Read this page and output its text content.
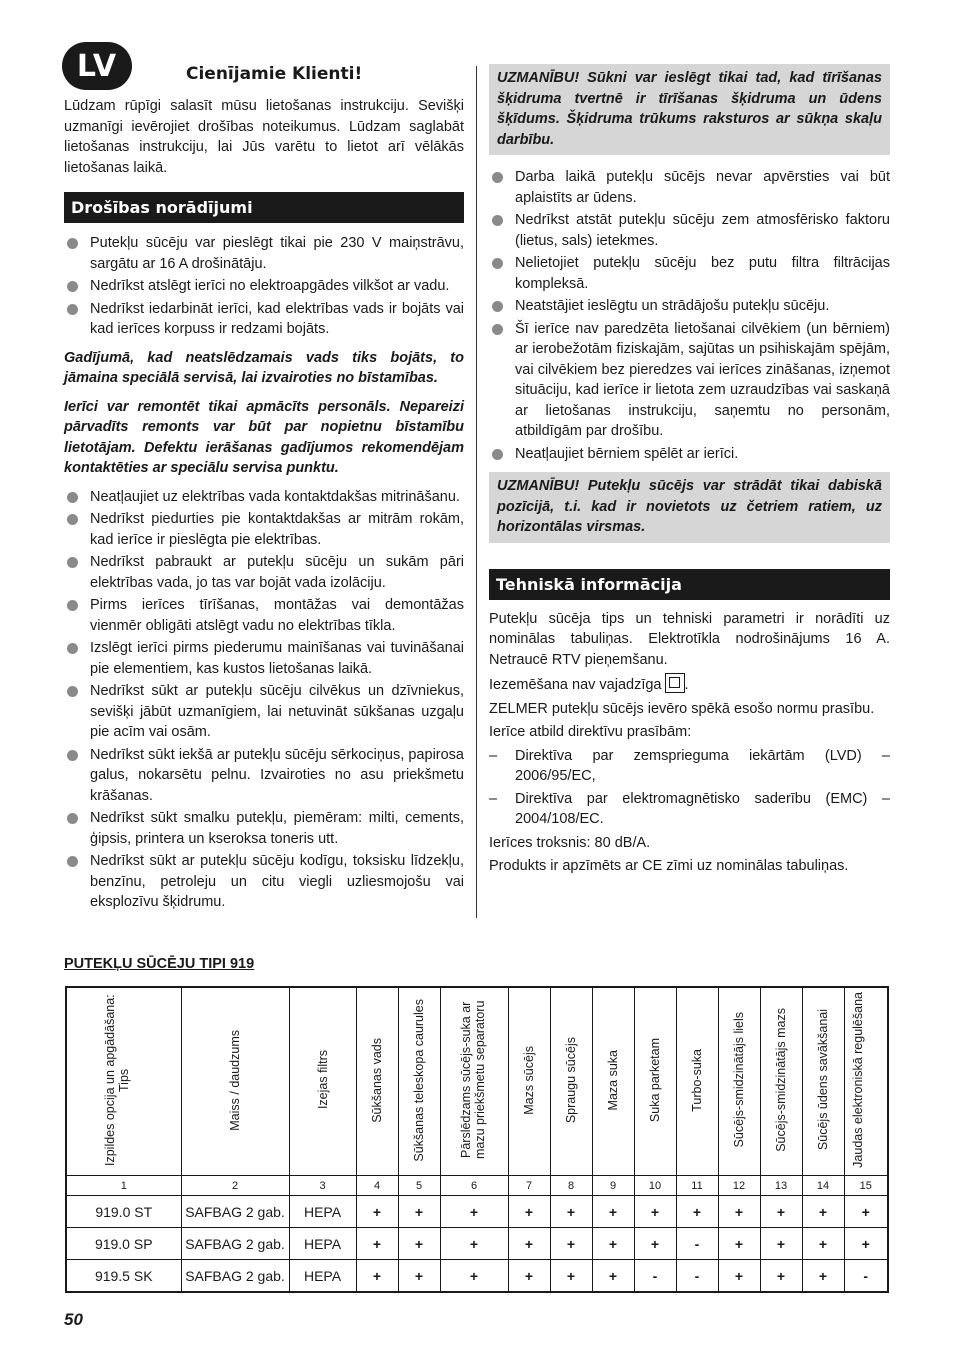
LV	Cienījamie Klienti!

Lūdzam rūpīgi salasīt mūsu lietošanas instrukciju. Sevišķi uzmanīgi ievērojiet drošības noteikumus. Lūdzam saglabāt lietošanas instrukciju, lai Jūs varētu to lietot arī vēlākās lietošanas laikā.

Drošības norādījumi
Putekļu sūcēju var pieslēgt tikai pie 230 V maiņstrāvu, sargātu ar 16 A drošinātāju.
Nedrīkst atslēgt ierīci no elektroapgādes vilkšot ar vadu.
Nedrīkst iedarbināt ierīci, kad elektrības vads ir bojāts vai kad ierīces korpuss ir redzami bojāts.
Gadījumā, kad neatslēdzamais vads tiks bojāts, to jāmaina speciālā servisā, lai izvairoties no bīstamības.
Ierīci var remontēt tikai apmācīts personāls. Nepareizi pārvadīts remonts var būt par nopietnu bīstamību lietotājam. Defektu ierāšanas gadījumos rekomendējam kontaktēties ar speciālu servisa punktu.
Neatļaujiet uz elektrības vada kontaktdakšas mitrināšanu.
Nedrīkst piedurties pie kontaktdakšas ar mitrām rokām, kad ierīce ir pieslēgta pie elektrības.
Nedrīkst pabraukt ar putekļu sūcēju un sukām pāri elektrības vada, jo tas var bojāt vada izolāciju.
Pirms ierīces tīrīšanas, montāžas vai demontāžas vienmēr obligāti atslēgt vadu no elektrības tīkla.
Izslēgt ierīci pirms piederumu mainīšanas vai tuvināšanai pie elementiem, kas kustos lietošanas laikā.
Nedrīkst sūkt ar putekļu sūcēju cilvēkus un dzīvniekus, sevišķi jābūt uzmanīgiem, lai netuvināt sūkšanas uzgaļu pie acīm vai osām.
Nedrīkst sūkt iekšā ar putekļu sūcēju sērkociņus, papirosa galus, nokarsētu pelnu. Izvairoties no asu priekšmetu krāšanas.
Nedrīkst sūkt smalku putekļu, piemēram: milti, cements, ģipsis, printera un kseroksa toneris utt.
Nedrīkst sūkt ar putekļu sūcēju kodīgu, toksisku līdzekļu, benzīnu, petroleju un citu viegli uzliesmojošu vai eksplozīvu šķidrumu.
UZMANĪBU! Sūkni var ieslēgt tikai tad, kad tīrīšanas šķidruma tvertnē ir tīrīšanas šķidruma un ūdens šķīdums. Šķidruma trūkums raksturos ar sūkņa skaļu darbību.
Darba laikā putekļu sūcējs nevar apvērsties vai būt aplaistīts ar ūdens.
Nedrīkst atstāt putekļu sūcēju zem atmosfērisko faktoru (lietus, sals) ietekmes.
Nelietojiet putekļu sūcēju bez putu filtra filtrācijas kompleksā.
Neatstājiet ieslēgtu un strādājošu putekļu sūcēju.
Šī ierīce nav paredzēta lietošanai cilvēkiem (un bērniem) ar ierobežotām fiziskajām, sajūtas un psihiskajām spējām, vai cilvēkiem bez pieredzes vai ierīces zināšanas, izņemot situāciju, kad ierīce ir lietota zem uzraudzības vai saskaņā ar lietošanas instrukciju, saņemtu no personām, atbildīgām par drošību.
Neatļaujiet bērniem spēlēt ar ierīci.
UZMANĪBU! Putekļu sūcējs var strādāt tikai dabiskā pozīcijā, t.i. kad ir novietots uz četriem ratiem, uz horizontālas virsmas.
Tehniskā informācija

Putekļu sūcēja tips un tehniski parametri ir norādīti uz nominālas tabuliņas. Elektrotīkla nodrošinājums 16 A. Netraucē RTV pieņemšanu.

Iezemēšana nav vajadzīga .

ZELMER putekļu sūcējs ievēro spēkā esošo normu prasību.

Ierīce atbild direktīvu prasībām:

– Direktīva par zemsprieguma iekārtām (LVD) – 2006/95/EC,
– Direktīva par elektromagnētisko saderību (EMC) – 2004/108/EC.

Ierīces troksnis: 80 dB/A.

Produkts ir apzīmēts ar CE zīmi uz nominālas tabuliņas.

PUTEKĻU SŪCĒJU TIPI 919
Izpildes opcija un apgādāšana: Tips	Maiss / daudzums	Izejas filtrs	Sūkšanas vads	Sūkšanas teleskopa caurules	Pārslēdzams sūcējs-suka ar mazu priekšmetu separatoru	Mazs sūcējs	Spraugu sūcējs	Maza suka	Suka parketam	Turbo-suka	Sūcējs-smidzinātājs liels	Sūcējs-smidzinātājs mazs	Sūcējs ūdens savākšanai	Jaudas elektroniskā regulēšana
1	2	3	4	5	6	7	8	9	10	11	12	13	14	15
919.0 ST	SAFBAG 2 gab.	HEPA	+	+	+	+	+	+	+	+	+	+	+	+
919.0 SP	SAFBAG 2 gab.	HEPA	+	+	+	+	+	+	+	-	+	+	+	+
919.5 SK	SAFBAG 2 gab.	HEPA	+	+	+	+	+	+	-	-	+	+	+	-
50
